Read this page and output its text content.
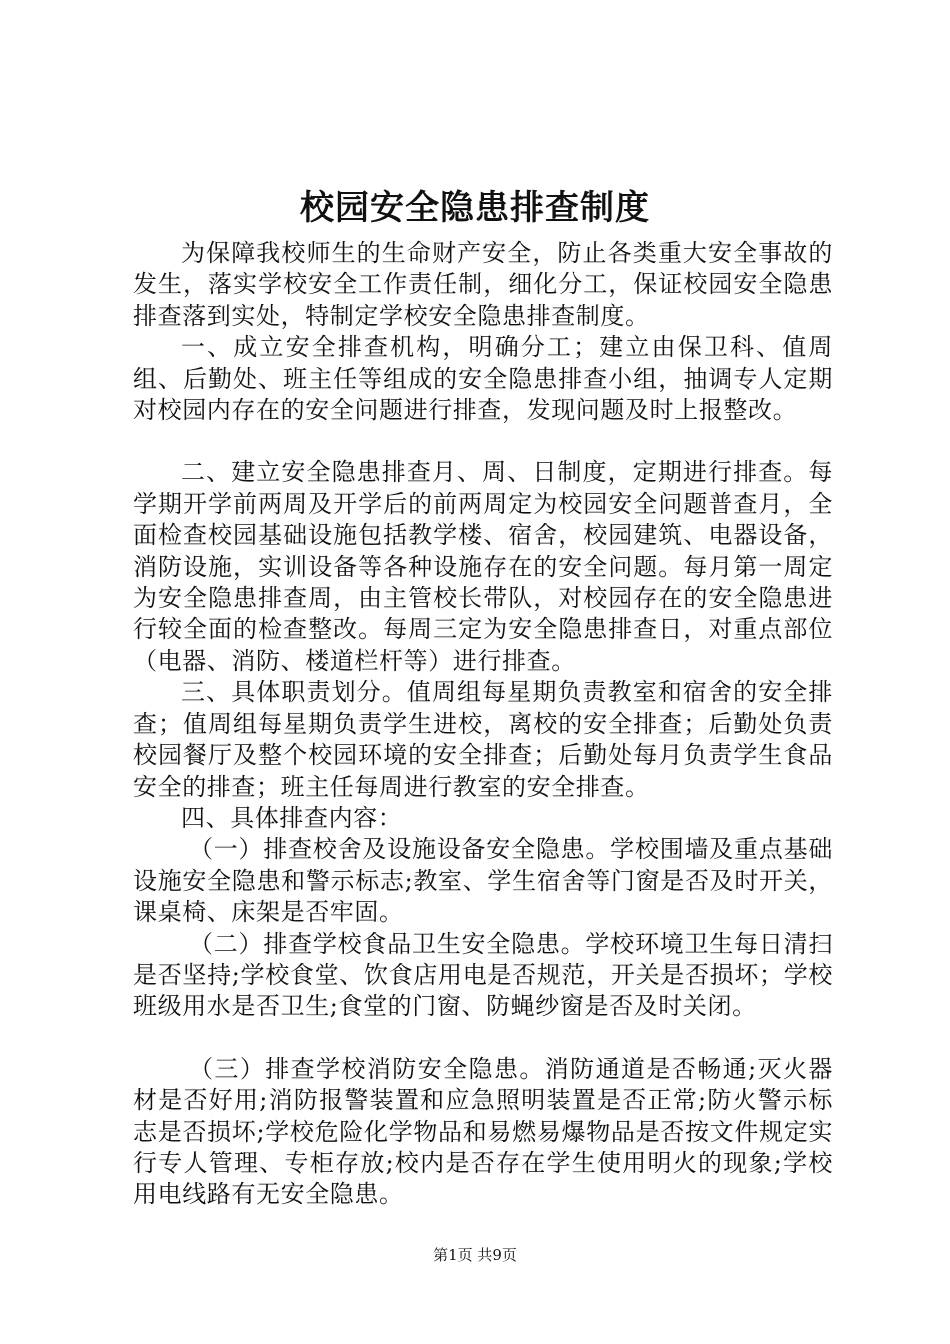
校园安全隐患排查制度

为保障我校师生的生命财产安全，防止各类重大安全事故的发生，落实学校安全工作责任制，细化分工，保证校园安全隐患排查落到实处，特制定学校安全隐患排查制度。

一、成立安全排查机构，明确分工；建立由保卫科、值周组、后勤处、班主任等组成的安全隐患排查小组，抽调专人定期对校园内存在的安全问题进行排查，发现问题及时上报整改。

二、建立安全隐患排查月、周、日制度，定期进行排查。每学期开学前两周及开学后的前两周定为校园安全问题普查月，全面检查校园基础设施包括教学楼、宿舍，校园建筑、电器设备，消防设施，实训设备等各种设施存在的安全问题。每月第一周定为安全隐患排查周，由主管校长带队，对校园存在的安全隐患进行较全面的检查整改。每周三定为安全隐患排查日，对重点部位（电器、消防、楼道栏杆等）进行排查。

三、具体职责划分。值周组每星期负责教室和宿舍的安全排查；值周组每星期负责学生进校，离校的安全排查；后勤处负责校园餐厅及整个校园环境的安全排查；后勤处每月负责学生食品安全的排查；班主任每周进行教室的安全排查。

四、具体排查内容：

（一）排查校舍及设施设备安全隐患。学校围墙及重点基础设施安全隐患和警示标志;教室、学生宿舍等门窗是否及时开关，课桌椅、床架是否牢固。

（二）排查学校食品卫生安全隐患。学校环境卫生每日清扫是否坚持;学校食堂、饮食店用电是否规范，开关是否损坏；学校班级用水是否卫生;食堂的门窗、防蝇纱窗是否及时关闭。

（三）排查学校消防安全隐患。消防通道是否畅通;灭火器材是否好用;消防报警装置和应急照明装置是否正常;防火警示标志是否损坏;学校危险化学物品和易燃易爆物品是否按文件规定实行专人管理、专柜存放;校内是否存在学生使用明火的现象;学校用电线路有无安全隐患。

第1页 共9页
